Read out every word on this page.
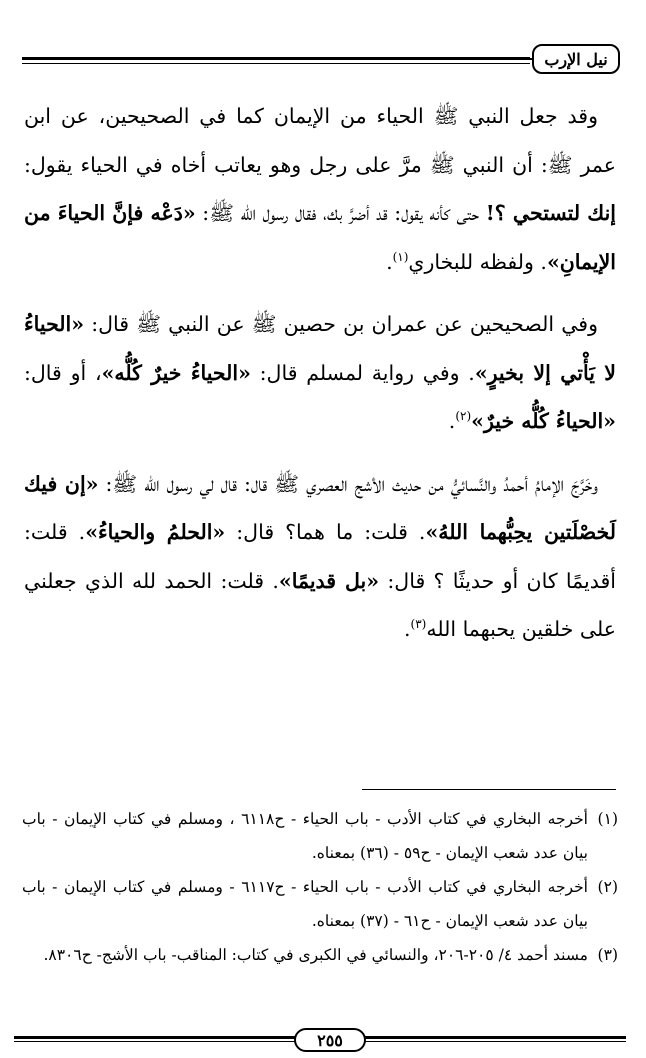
نيل الإرب

وقد جعل النبي ﷺ الحياء من الإيمان كما في الصحيحين، عن ابن عمر ﷺ: أن النبي ﷺ مرَّ على رجل وهو يعاتب أخاه في الحياء يقول: إنك لتستحي ؟! حتى كأنه يقول: قد أضرَّ بك، فقال رسول الله ﷺ: «دَعْه فإنَّ الحياءَ من الإيمانِ». ولفظه للبخاري$^{(١)}$.

وفي الصحيحين عن عمران بن حصين ﷺ عن النبي ﷺ قال: «الحياءُ لا يَأْتي إلا بخيرٍ». وفي رواية لمسلم قال: «الحياءُ خيرٌ كُلُّه»، أو قال: «الحياءُ كُلُّه خيرٌ»$^{(٢)}$.

وخَرَّجَ الإمامُ أحمدُ والنَّسائيُّ من حديث الأشج العصري ﷺ قال: قال لي رسول الله ﷺ: «إن فيك لَخصْلَتين يحِبُّهما اللهُ». قلت: ما هما؟ قال: «الحلمُ والحياءُ». قلت: أقديمًا كان أو حديثًا ؟ قال: «بل قديمًا». قلت: الحمد لله الذي جعلني على خلقين يحبهما الله$^{(٣)}$.

(١)
أخرجه البخاري في كتاب الأدب - باب الحياء - ح٦١١٨ ، ومسلم في كتاب الإيمان - باب بيان عدد شعب الإيمان - ح٥٩ - (٣٦) بمعناه.
(٢)
أخرجه البخاري في كتاب الأدب - باب الحياء - ح٦١١٧ - ومسلم في كتاب الإيمان - باب بيان عدد شعب الإيمان - ح٦١ - (٣٧) بمعناه.
(٣)
مسند أحمد ٤/ ٢٠٥-٢٠٦، والنسائي في الكبرى في كتاب: المناقب- باب الأشج- ح٨٣٠٦.
٢٥٥
